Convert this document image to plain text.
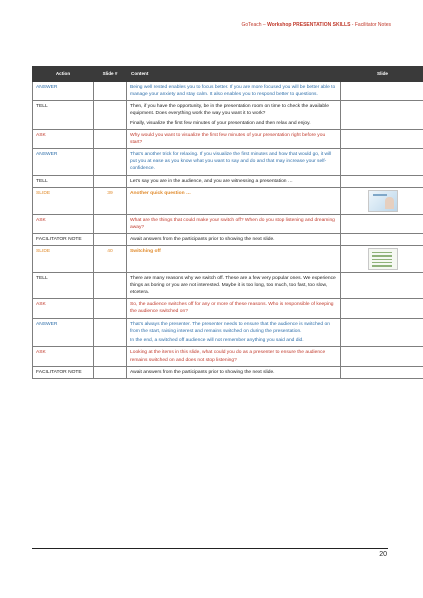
GoTeach – Workshop PRESENTATION SKILLS - Facilitator Notes
Action	Slide #	Content	Slide
ANSWER		Being well rested enables you to focus better. If you are more focused you will be better able to manage your anxiety and stay calm. It also enables you to respond better to questions.	

TELL		Then, if you have the opportunity, be in the presentation room on time to check the available equipment. Does everything work the way you want it to work?

Finally, visualize the first few minutes of your presentation and then relax and enjoy.	

ASK		Why would you want to visualize the first few minutes of your presentation right before you start?	

ANSWER		That’s another trick for relaxing. If you visualize the first minutes and how that would go, it will put you at ease as you know what you want to say and do and that may increase your self-confidence.	

TELL		Let’s say you are in the audience, and you are witnessing a presentation …	

SLIDE	39	Another quick question …	

ASK		What are the things that could make your switch off? When do you stop listening and dreaming away?	

FACILITATOR NOTE		Await answers from the participants prior to showing the next slide.	

SLIDE	40	Switching off	

TELL		There are many reasons why we switch off. These are a few very popular ones. We experience things as boring or you are not interested. Maybe it is too long, too much, too fast, too slow, etcetera.	

ASK		So, the audience switches off for any or more of these reasons. Who is responsible of keeping the audience switched on?	

ANSWER		That’s always the presenter. The presenter needs to ensure that the audience is switched on from the start, raising interest and remains switched on during the presentation.

In the end, a switched off audience will not remember anything you said and did.	

ASK		Looking at the items in this slide, what could you do as a presenter to ensure the audience remains switched on and does not stop listening?	

FACILITATOR NOTE		Await answers from the participants prior to showing the next slide.	

20
